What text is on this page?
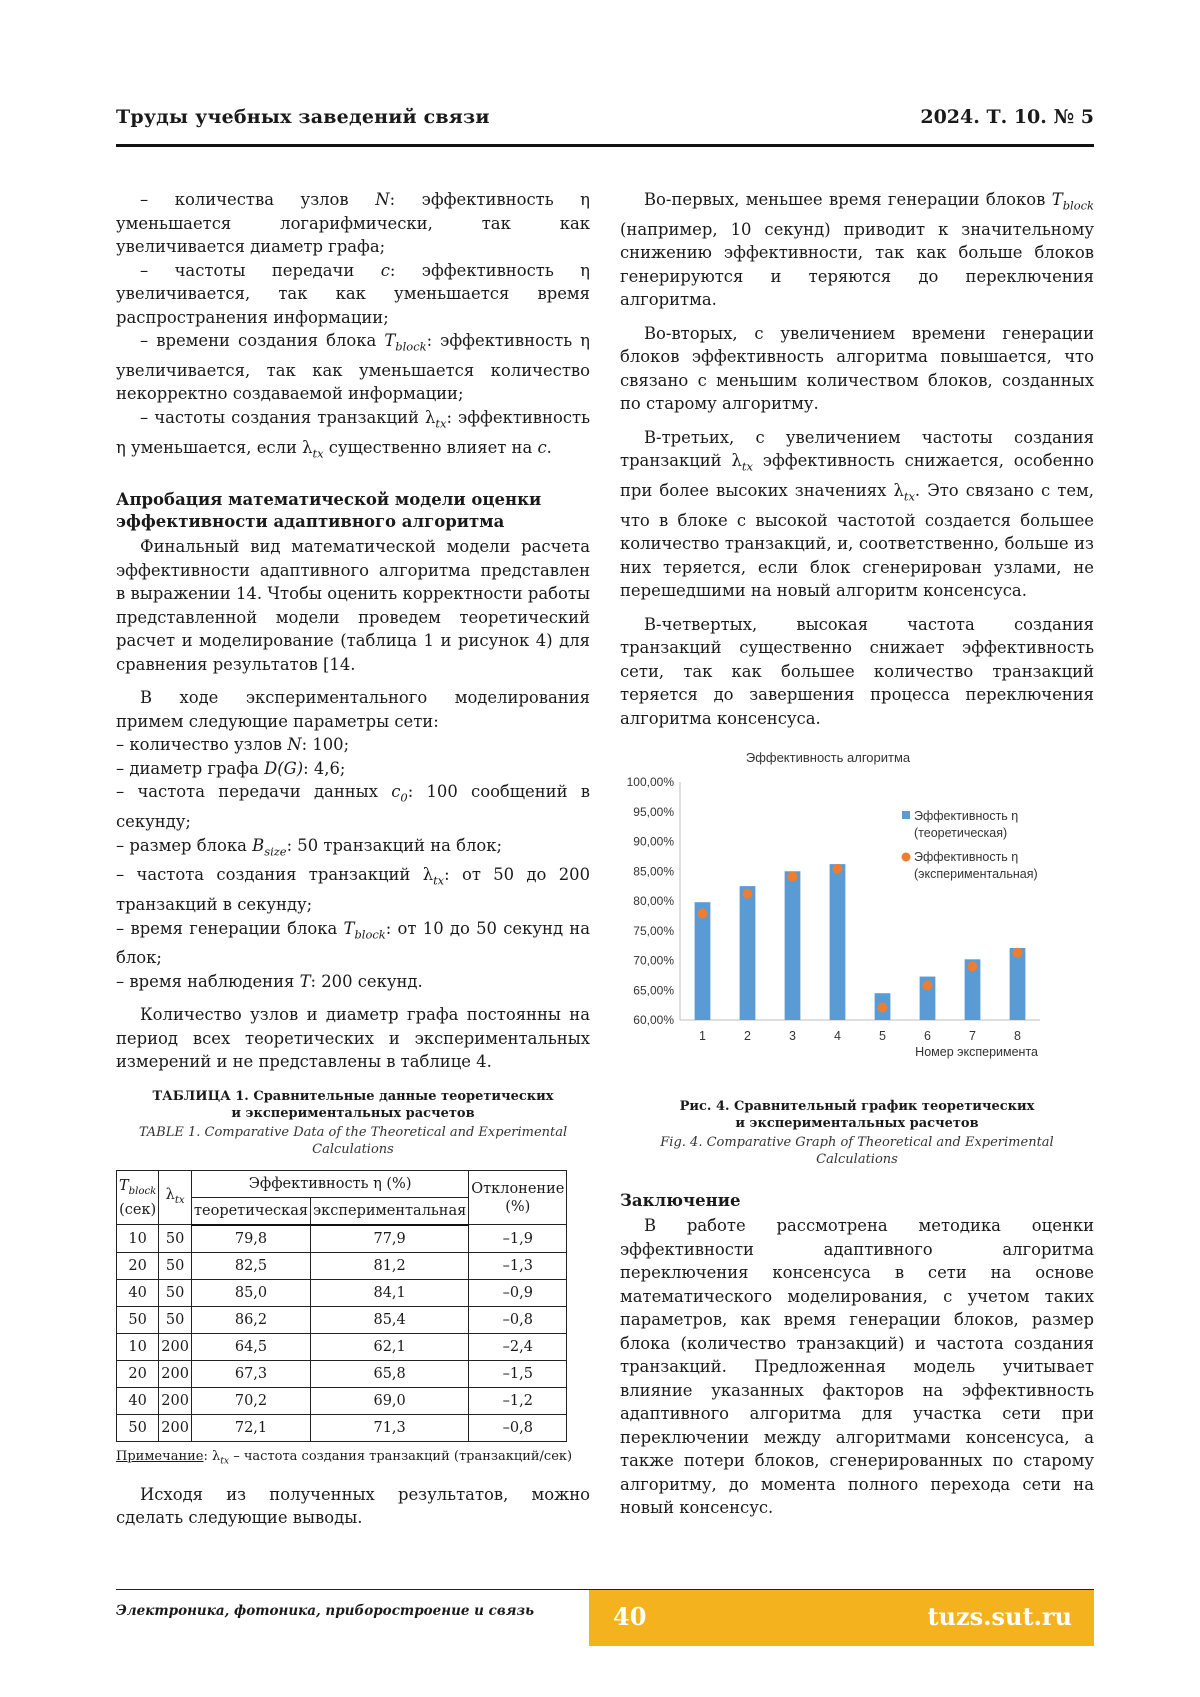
Труды учебных заведений связи	2024. Т. 10. № 5

– количества узлов N: эффективность η уменьшается логарифмически, так как увеличивается диаметр графа;

– частоты передачи c: эффективность η увеличивается, так как уменьшается время распространения информации;

– времени создания блока $T_{block}$: эффективность η увеличивается, так как уменьшается количество некорректно создаваемой информации;

– частоты создания транзакций $\lambda_{tx}$: эффективность η уменьшается, если $\lambda_{tx}$ существенно влияет на c.

Апробация математической модели оценки эффективности адаптивного алгоритма

Финальный вид математической модели расчета эффективности адаптивного алгоритма представлен в выражении 14. Чтобы оценить корректности работы представленной модели проведем теоретический расчет и моделирование (таблица 1 и рисунок 4) для сравнения результатов [14.

В ходе экспериментального моделирования примем следующие параметры сети:

– количество узлов N: 100;

– диаметр графа D(G): 4,6;

– частота передачи данных $c_0$: 100 сообщений в секунду;

– размер блока $B_{size}$: 50 транзакций на блок;

– частота создания транзакций $\lambda_{tx}$: от 50 до 200 транзакций в секунду;

– время генерации блока $T_{block}$: от 10 до 50 секунд на блок;

– время наблюдения T: 200 секунд.

Количество узлов и диаметр графа постоянны на период всех теоретических и экспериментальных измерений и не представлены в таблице 4.

ТАБЛИЦА 1. Сравнительные данные теоретических
и экспериментальных расчетов

TABLE 1. Comparative Data of the Theoretical and Experimental Calculations

$T_{block}$
(сек)	$\lambda_{tx}$	Эффективность η (%)		Отклонение (%)
		теоретическая	экспериментальная	
10	50	79,8	77,9	–1,9
20	50	82,5	81,2	–1,3
40	50	85,0	84,1	–0,9
50	50	86,2	85,4	–0,8
10	200	64,5	62,1	–2,4
20	200	67,3	65,8	–1,5
40	200	70,2	69,0	–1,2
50	200	72,1	71,3	–0,8

Примечание: $\lambda_{tx}$ – частота создания транзакций (транзакций/сек)

Исходя из полученных результатов, можно сделать следующие выводы.

Во-первых, меньшее время генерации блоков $T_{block}$ (например, 10 секунд) приводит к значительному снижению эффективности, так как больше блоков генерируются и теряются до переключения алгоритма.

Во-вторых, с увеличением времени генерации блоков эффективность алгоритма повышается, что связано с меньшим количеством блоков, созданных по старому алгоритму.

В-третьих, с увеличением частоты создания транзакций $\lambda_{tx}$ эффективность снижается, особенно при более высоких значениях $\lambda_{tx}$. Это связано с тем, что в блоке с высокой частотой создается большее количество транзакций, и, соответственно, больше из них теряется, если блок сгенерирован узлами, не перешедшими на новый алгоритм консенсуса.

В-четвертых, высокая частота создания транзакций существенно снижает эффективность сети, так как большее количество транзакций теряется до завершения процесса переключения алгоритма консенсуса.

Эффективность алгоритма
60,00%
65,00%
70,00%
75,00%
80,00%
85,00%
90,00%
95,00%
100,00%
1	2	3	4	5	6	7	8
Номер эксперимента
Эффективность η
(теоретическая)
Эффективность η
(экспериментальная)

Рис. 4. Сравнительный график теоретических
и экспериментальных расчетов

Fig. 4. Comparative Graph of Theoretical and Experimental Calculations

Заключение

В работе рассмотрена методика оценки эффективности адаптивного алгоритма переключения консенсуса в сети на основе математического моделирования, с учетом таких параметров, как время генерации блоков, размер блока (количество транзакций) и частота создания транзакций. Предложенная модель учитывает влияние указанных факторов на эффективность адаптивного алгоритма для участка сети при переключении между алгоритмами консенсуса, а также потери блоков, сгенерированных по старому алгоритму, до момента полного перехода сети на новый консенсус.

Электроника, фотоника, приборостроение и связь	40	tuzs.sut.ru
